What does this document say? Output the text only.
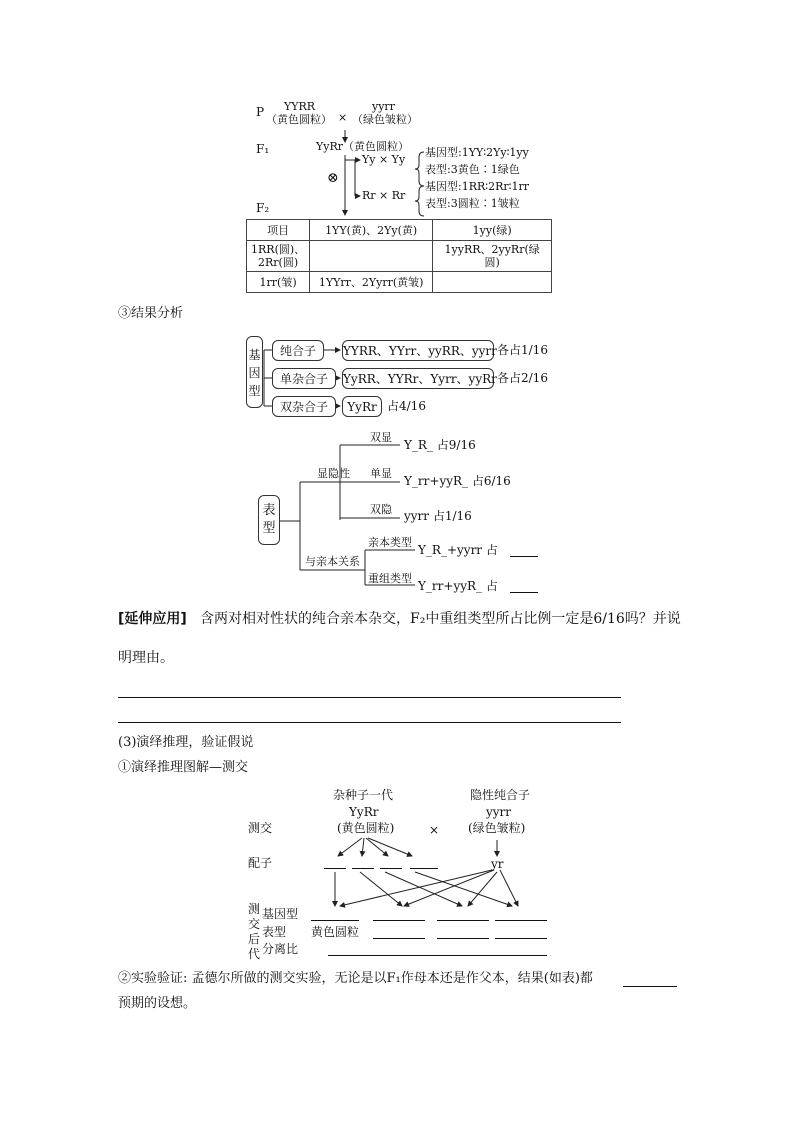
P YYRR
（黄色圆粒） ×
yyrr
（绿色皱粒）
F₁	YyRr（黄色圆粒）
⊗
Yy × Yy
基因型:1YY∶2Yy∶1yy
表型:3黄色∶1绿色
Rr × Rr
基因型:1RR∶2Rr∶1rr
表型:3圆粒∶1皱粒
F₂
项目	1YY(黄)、2Yy(黄)	1yy(绿)
1RR(圆)、2Rr(圆)		1yyRR、2yyRr(绿圆)
1rr(皱)	1YYrr、2Yyrr(黄皱)	
③结果分析
基因型
纯合子	YYRR、YYrr、yyRR、yyrr 各占1/16
单杂合子	YyRR、YYRr、Yyrr、yyRr 各占2/16
双杂合子	YyRr 占4/16
表型
显隐性
双显
Y_R_ 占9/16
单显
Y_rr+yyR_ 占6/16
双隐 yyrr 占1/16
与亲本关系
亲本类型
Y_R_+yyrr 占
重组类型
Y_rr+yyR_ 占
[延伸应用] 含两对相对性状的纯合亲本杂交，F₂中重组类型所占比例一定是6/16吗？并说
明理由。
(3)演绎推理，验证假说
①演绎推理图解—测交
杂种子一代
YyRr
(黄色圆粒)	×
隐性纯合子
yyrr
(绿色皱粒)
测交
配子	yr
测
交
后
代
基因型
表型
分离比
黄色圆粒
②实验验证: 孟德尔所做的测交实验，无论是以F₁作母本还是作父本，结果(如表)都
预期的设想。
